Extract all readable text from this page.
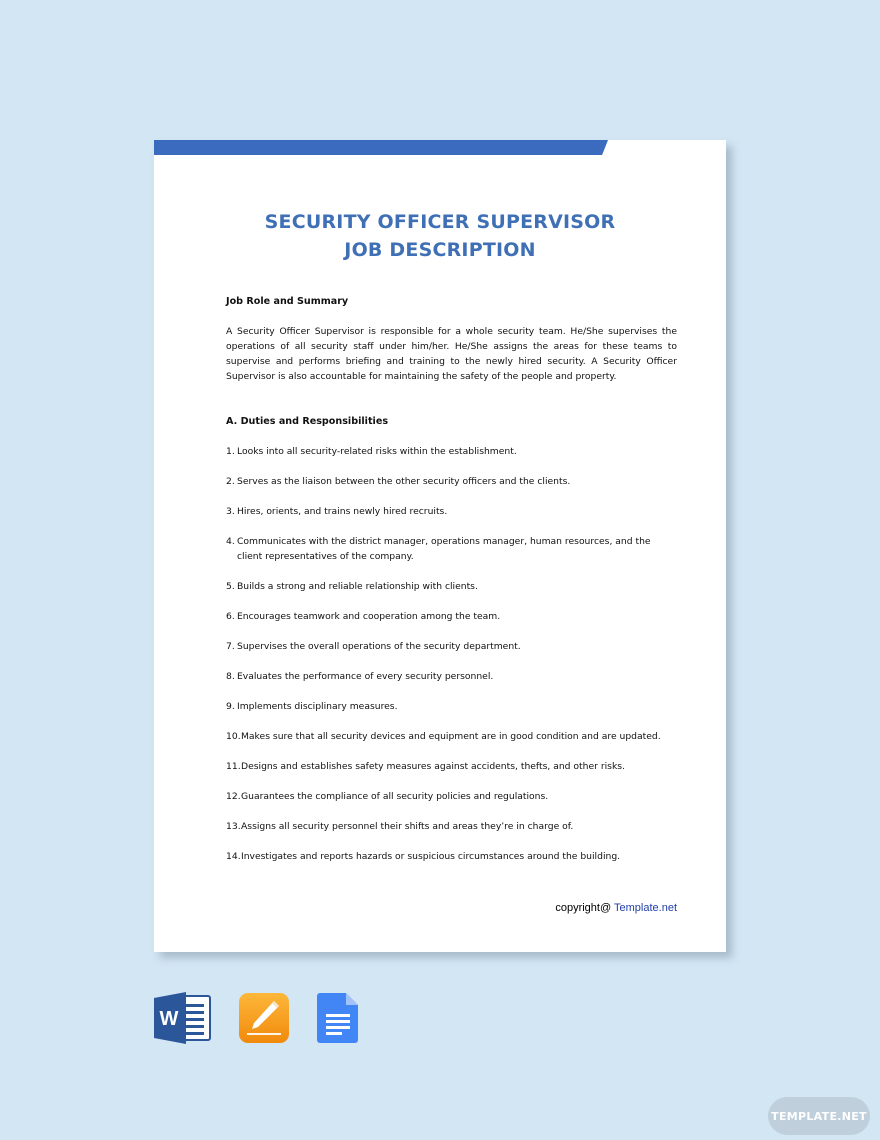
SECURITY OFFICER SUPERVISOR
JOB DESCRIPTION
Job Role and Summary
A Security Officer Supervisor is responsible for a whole security team. He/She supervises the operations of all security staff under him/her. He/She assigns the areas for these teams to supervise and performs briefing and training to the newly hired security. A Security Officer Supervisor is also accountable for maintaining the safety of the people and property.
A. Duties and Responsibilities
1. Looks into all security-related risks within the establishment.
2. Serves as the liaison between the other security officers and the clients.
3. Hires, orients, and trains newly hired recruits.
4. Communicates with the district manager, operations manager, human resources, and the client representatives of the company.
5. Builds a strong and reliable relationship with clients.
6. Encourages teamwork and cooperation among the team.
7. Supervises the overall operations of the security department.
8. Evaluates the performance of every security personnel.
9. Implements disciplinary measures.
10. Makes sure that all security devices and equipment are in good condition and are updated.
11. Designs and establishes safety measures against accidents, thefts, and other risks.
12. Guarantees the compliance of all security policies and regulations.
13. Assigns all security personnel their shifts and areas they’re in charge of.
14. Investigates and reports hazards or suspicious circumstances around the building.
copyright@ Template.net
W
TEMPLATE.NET
